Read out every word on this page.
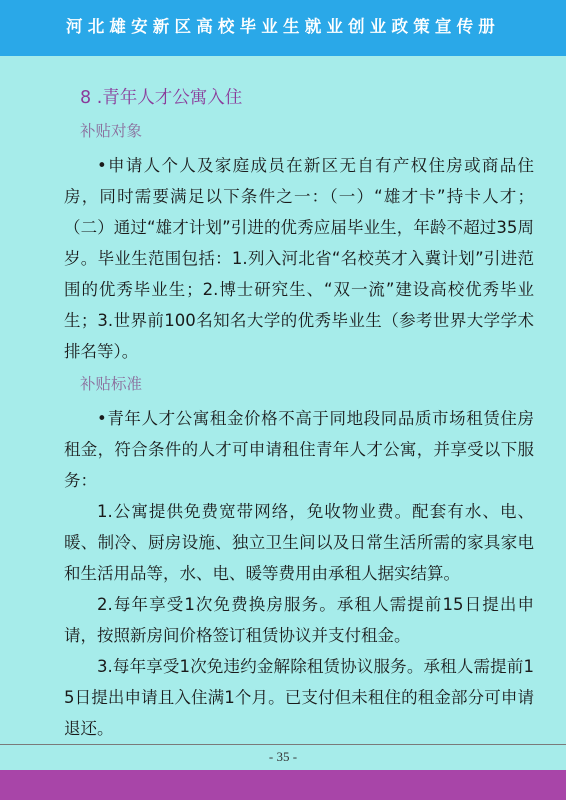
河北雄安新区高校毕业生就业创业政策宣传册
8 .青年人才公寓入住
补贴对象

•申请人个人及家庭成员在新区无自有产权住房或商品住房，同时需要满足以下条件之一：（一）“雄才卡”持卡人才；（二）通过“雄才计划”引进的优秀应届毕业生，年龄不超过35周岁。毕业生范围包括：1.列入河北省“名校英才入冀计划”引进范围的优秀毕业生；2.博士研究生、“双一流”建设高校优秀毕业生；3.世界前100名知名大学的优秀毕业生（参考世界大学学术排名等）。

补贴标准

•青年人才公寓租金价格不高于同地段同品质市场租赁住房租金，符合条件的人才可申请租住青年人才公寓，并享受以下服务：

1.公寓提供免费宽带网络，免收物业费。配套有水、电、暖、制冷、厨房设施、独立卫生间以及日常生活所需的家具家电和生活用品等，水、电、暖等费用由承租人据实结算。

2.每年享受1次免费换房服务。承租人需提前15日提出申请，按照新房间价格签订租赁协议并支付租金。

3.每年享受1次免违约金解除租赁协议服务。承租人需提前15日提出申请且入住满1个月。已支付但未租住的租金部分可申请退还。

- 35 -
